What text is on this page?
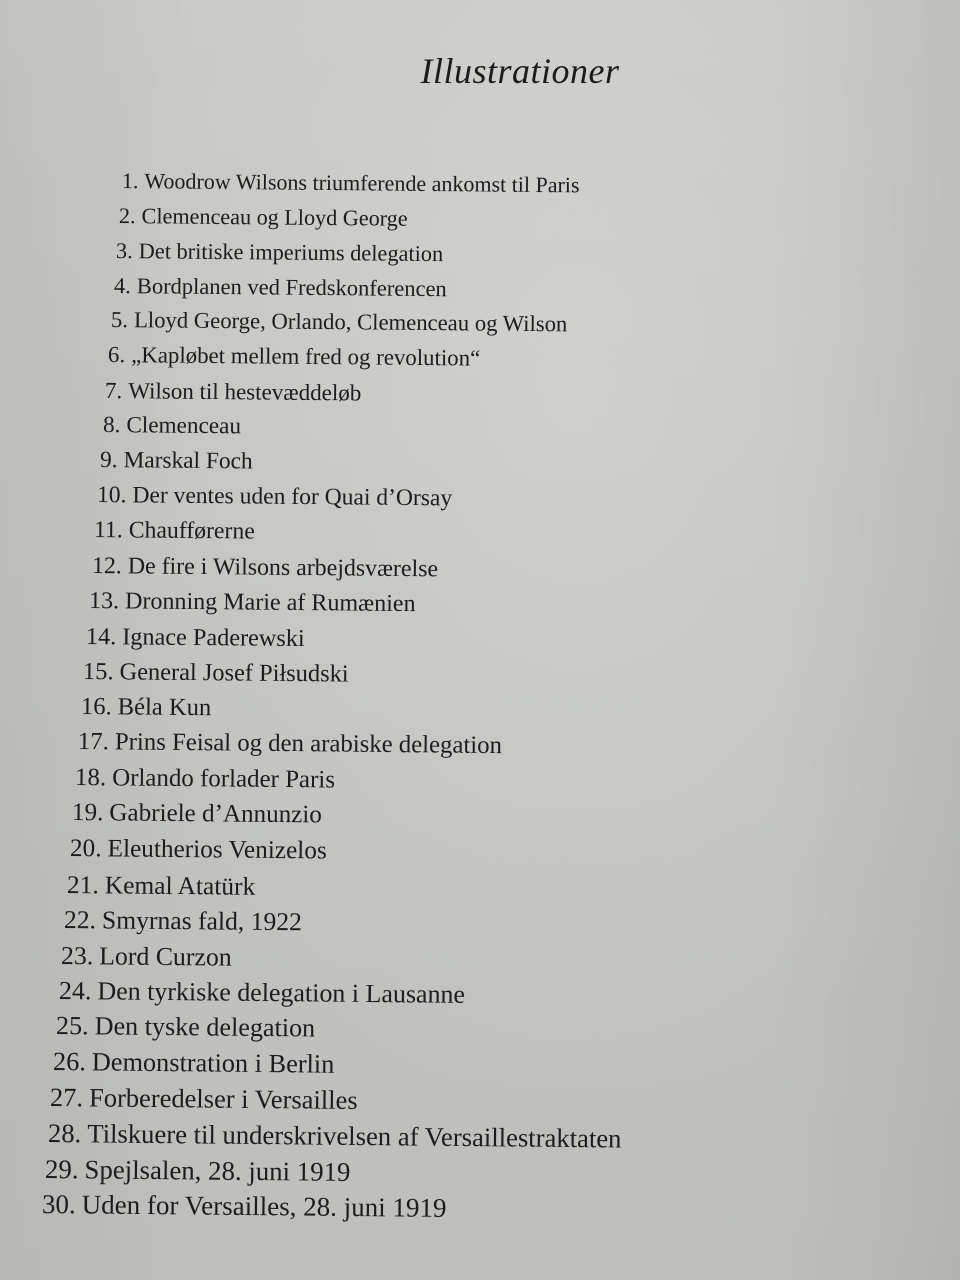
Illustrationer
1. Woodrow Wilsons triumferende ankomst til Paris
2. Clemenceau og Lloyd George
3. Det britiske imperiums delegation
4. Bordplanen ved Fredskonferencen
5. Lloyd George, Orlando, Clemenceau og Wilson
6. „Kapløbet mellem fred og revolution“
7. Wilson til hestevæddeløb
8. Clemenceau
9. Marskal Foch
10. Der ventes uden for Quai d’Orsay
11. Chaufførerne
12. De fire i Wilsons arbejdsværelse
13. Dronning Marie af Rumænien
14. Ignace Paderewski
15. General Josef Piłsudski
16. Béla Kun
17. Prins Feisal og den arabiske delegation
18. Orlando forlader Paris
19. Gabriele d’Annunzio
20. Eleutherios Venizelos
21. Kemal Atatürk
22. Smyrnas fald, 1922
23. Lord Curzon
24. Den tyrkiske delegation i Lausanne
25. Den tyske delegation
26. Demonstration i Berlin
27. Forberedelser i Versailles
28. Tilskuere til underskrivelsen af Versaillestraktaten
29. Spejlsalen, 28. juni 1919
30. Uden for Versailles, 28. juni 1919
